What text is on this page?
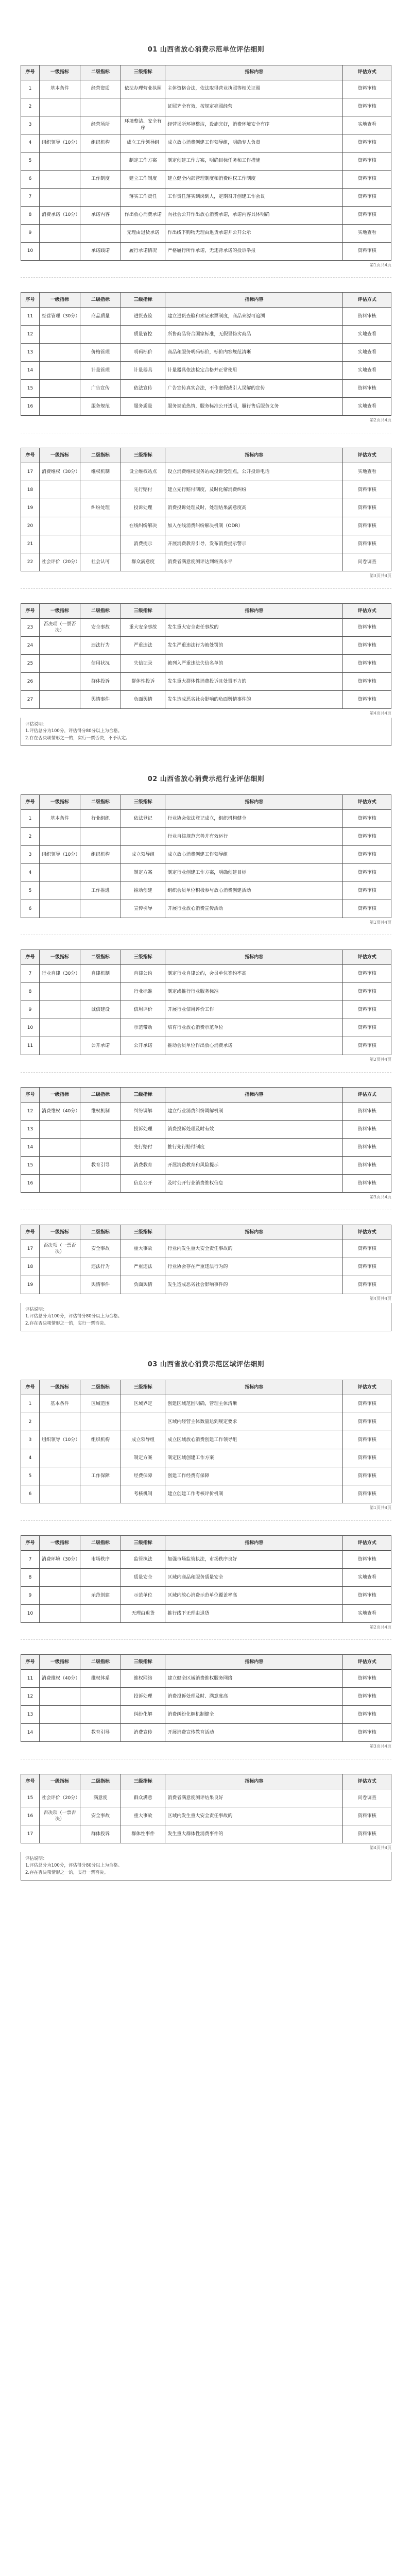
01 山西省放心消费示范单位评估细则
序号	一级指标	二级指标	三级指标	指标内容	评估方式
1	基本条件	经营资质	依法办理营业执照	主体资格合法，依法取得营业执照等相关证照	资料审核
2				证照齐全有效，按规定亮照经营	资料审核
3		经营场所	环境整洁、安全有序	经营场所环境整洁，设施完好，消费环境安全有序	实地查看
4	组织领导（10分）	组织机构	成立工作领导组	成立放心消费创建工作领导组，明确专人负责	资料审核
5			制定工作方案	制定创建工作方案，明确目标任务和工作措施	资料审核
6		工作制度	建立工作制度	建立健全内部管理制度和消费维权工作制度	资料审核
7			落实工作责任	工作责任落实到岗到人，定期召开创建工作会议	资料审核
8	消费承诺（10分）	承诺内容	作出放心消费承诺	向社会公开作出放心消费承诺，承诺内容具体明确	资料审核
9			无理由退货承诺	作出线下购物无理由退货承诺并公开公示	实地查看
10		承诺践诺	履行承诺情况	严格履行所作承诺，无违背承诺的投诉举报	资料审核
第1页共4页
序号	一级指标	二级指标	三级指标	指标内容	评估方式
11	经营管理（30分）	商品质量	进货查验	建立进货查验和索证索票制度，商品来源可追溯	资料审核
12			质量管控	所售商品符合国家标准，无假冒伪劣商品	实地查看
13		价格管理	明码标价	商品和服务明码标价，标价内容规范清晰	实地查看
14		计量管理	计量器具	计量器具依法检定合格并正常使用	实地查看
15		广告宣传	依法宣传	广告宣传真实合法，不作虚假或引人误解的宣传	资料审核
16		服务规范	服务质量	服务规范热情，服务标准公开透明，履行售后服务义务	实地查看
第2页共4页
序号	一级指标	二级指标	三级指标	指标内容	评估方式
17	消费维权（30分）	维权机制	设立维权站点	设立消费维权服务站或投诉受理点，公开投诉电话	实地查看
18			先行赔付	建立先行赔付制度，及时化解消费纠纷	资料审核
19		纠纷处理	投诉处理	消费投诉处理及时，处理结果满意度高	资料审核
20			在线纠纷解决	加入在线消费纠纷解决机制（ODR）	资料审核
21			消费提示	开展消费教育引导，发布消费提示警示	资料审核
22	社会评价（20分）	社会认可	群众满意度	消费者满意度测评达到较高水平	问卷调查
第3页共4页
序号	一级指标	二级指标	三级指标	指标内容	评估方式
23	否决项（一票否决）	安全事故	重大安全事故	发生重大安全责任事故的	资料审核
24		违法行为	严重违法	发生严重违法行为被处罚的	资料审核
25		信用状况	失信记录	被列入严重违法失信名单的	资料审核
26		群体投诉	群体性投诉	发生重大群体性消费投诉且处置不力的	资料审核
27		舆情事件	负面舆情	发生造成恶劣社会影响的负面舆情事件的	资料审核
第4页共4页
评估说明：
1.评估总分为100分，评估得分80分以上为合格。
2.存在否决项情形之一的，实行一票否决，不予认定。
02 山西省放心消费示范行业评估细则
序号	一级指标	二级指标	三级指标	指标内容	评估方式
1	基本条件	行业组织	依法登记	行业协会依法登记成立，组织机构健全	资料审核
2				行业自律规范完善并有效运行	资料审核
3	组织领导（10分）	组织机构	成立领导组	成立放心消费创建工作领导组	资料审核
4			制定方案	制定行业创建工作方案，明确创建目标	资料审核
5		工作推进	推动创建	组织会员单位积极参与放心消费创建活动	资料审核
6			宣传引导	开展行业放心消费宣传活动	资料审核
第1页共4页
序号	一级指标	二级指标	三级指标	指标内容	评估方式
7	行业自律（30分）	自律机制	自律公约	制定行业自律公约，会员单位签约率高	资料审核
8			行业标准	制定或推行行业服务标准	资料审核
9		诚信建设	信用评价	开展行业信用评价工作	资料审核
10			示范带动	培育行业放心消费示范单位	资料审核
11		公开承诺	公开承诺	推动会员单位作出放心消费承诺	资料审核
第2页共4页
序号	一级指标	二级指标	三级指标	指标内容	评估方式
12	消费维权（40分）	维权机制	纠纷调解	建立行业消费纠纷调解机制	资料审核
13			投诉处理	消费投诉处理及时有效	资料审核
14			先行赔付	推行先行赔付制度	资料审核
15		教育引导	消费教育	开展消费教育和风险提示	资料审核
16			信息公开	及时公开行业消费维权信息	资料审核
第3页共4页
序号	一级指标	二级指标	三级指标	指标内容	评估方式
17	否决项（一票否决）	安全事故	重大事故	行业内发生重大安全责任事故的	资料审核
18		违法行为	严重违法	行业协会存在严重违法行为的	资料审核
19		舆情事件	负面舆情	发生造成恶劣社会影响事件的	资料审核
第4页共4页
评估说明：
1.评估总分为100分，评估得分80分以上为合格。
2.存在否决项情形之一的，实行一票否决。
03 山西省放心消费示范区域评估细则
序号	一级指标	二级指标	三级指标	指标内容	评估方式
1	基本条件	区域范围	区域界定	创建区域范围明确，管理主体清晰	资料审核
2				区域内经营主体数量达到规定要求	资料审核
3	组织领导（10分）	组织机构	成立领导组	成立区域放心消费创建工作领导组	资料审核
4			制定方案	制定区域创建工作方案	资料审核
5		工作保障	经费保障	创建工作经费有保障	资料审核
6			考核机制	建立创建工作考核评价机制	资料审核
第1页共4页
序号	一级指标	二级指标	三级指标	指标内容	评估方式
7	消费环境（30分）	市场秩序	监管执法	加强市场监管执法，市场秩序良好	资料审核
8			质量安全	区域内商品和服务质量安全	实地查看
9		示范创建	示范单位	区域内放心消费示范单位覆盖率高	资料审核
10			无理由退货	推行线下无理由退货	实地查看
第2页共4页
序号	一级指标	二级指标	三级指标	指标内容	评估方式
11	消费维权（40分）	维权体系	维权网络	建立健全区域消费维权服务网络	资料审核
12			投诉处理	消费投诉处理及时、满意度高	资料审核
13			纠纷化解	消费纠纷化解机制健全	资料审核
14		教育引导	消费宣传	开展消费宣传教育活动	资料审核
第3页共4页
序号	一级指标	二级指标	三级指标	指标内容	评估方式
15	社会评价（20分）	满意度	群众满意	消费者满意度测评结果良好	问卷调查
16	否决项（一票否决）	安全事故	重大事故	区域内发生重大安全责任事故的	资料审核
17		群体投诉	群体性事件	发生重大群体性消费事件的	资料审核
第4页共4页
评估说明：
1.评估总分为100分，评估得分80分以上为合格。
2.存在否决项情形之一的，实行一票否决。
